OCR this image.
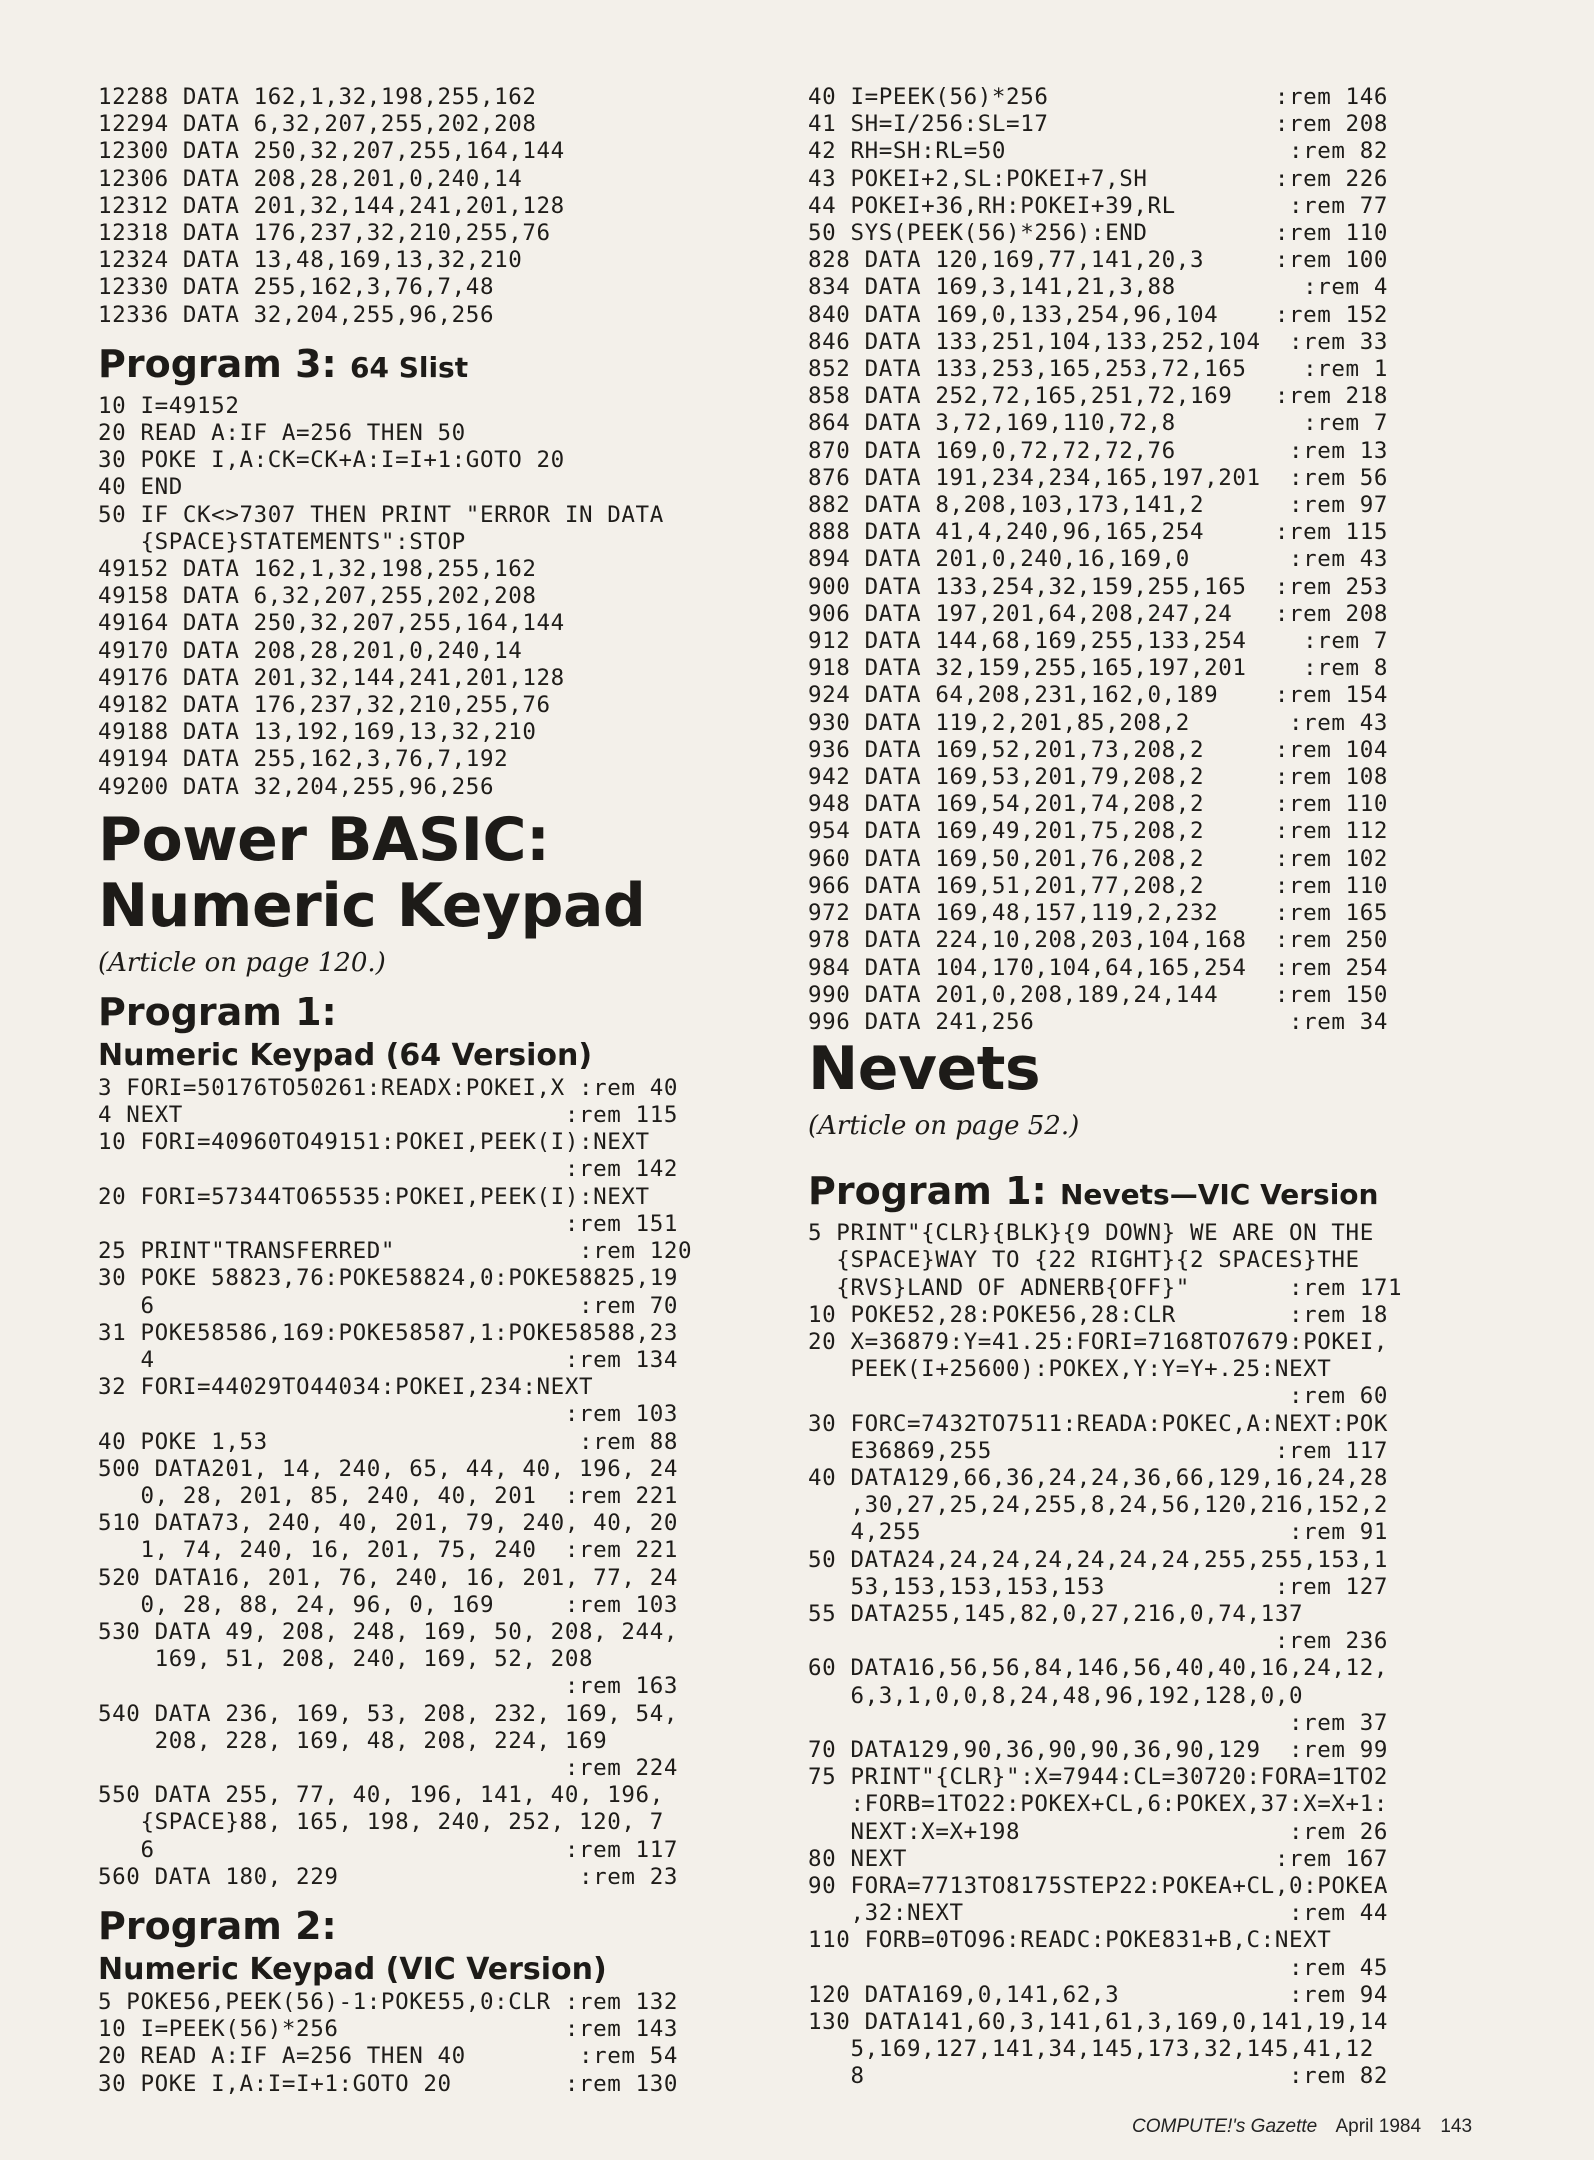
12288 DATA 162,1,32,198,255,162
12294 DATA 6,32,207,255,202,208
12300 DATA 250,32,207,255,164,144
12306 DATA 208,28,201,0,240,14
12312 DATA 201,32,144,241,201,128
12318 DATA 176,237,32,210,255,76
12324 DATA 13,48,169,13,32,210
12330 DATA 255,162,3,76,7,48
12336 DATA 32,204,255,96,256
Program 3: 64 Slist
10 I=49152
20 READ A:IF A=256 THEN 50
30 POKE I,A:CK=CK+A:I=I+1:GOTO 20
40 END
50 IF CK<>7307 THEN PRINT "ERROR IN DATA
{SPACE}STATEMENTS":STOP
49152 DATA 162,1,32,198,255,162
49158 DATA 6,32,207,255,202,208
49164 DATA 250,32,207,255,164,144
49170 DATA 208,28,201,0,240,14
49176 DATA 201,32,144,241,201,128
49182 DATA 176,237,32,210,255,76
49188 DATA 13,192,169,13,32,210
49194 DATA 255,162,3,76,7,192
49200 DATA 32,204,255,96,256
Power BASIC:
Numeric Keypad

(Article on page 120.)

Program 1:
Numeric Keypad (64 Version)
3 FORI=50176TO50261:READX:POKEI,X :rem 40
4 NEXT                           :rem 115
10 FORI=40960TO49151:POKEI,PEEK(I):NEXT
:rem 142
20 FORI=57344TO65535:POKEI,PEEK(I):NEXT
:rem 151
25 PRINT"TRANSFERRED"             :rem 120
30 POKE 58823,76:POKE58824,0:POKE58825,19
6                              :rem 70
31 POKE58586,169:POKE58587,1:POKE58588,23
4                             :rem 134
32 FORI=44029TO44034:POKEI,234:NEXT
:rem 103
40 POKE 1,53                      :rem 88
500 DATA201, 14, 240, 65, 44, 40, 196, 24
0, 28, 201, 85, 240, 40, 201  :rem 221
510 DATA73, 240, 40, 201, 79, 240, 40, 20
1, 74, 240, 16, 201, 75, 240  :rem 221
520 DATA16, 201, 76, 240, 16, 201, 77, 24
0, 28, 88, 24, 96, 0, 169     :rem 103
530 DATA 49, 208, 248, 169, 50, 208, 244,
169, 51, 208, 240, 169, 52, 208
:rem 163
540 DATA 236, 169, 53, 208, 232, 169, 54,
208, 228, 169, 48, 208, 224, 169
:rem 224
550 DATA 255, 77, 40, 196, 141, 40, 196,
{SPACE}88, 165, 198, 240, 252, 120, 7
6                             :rem 117
560 DATA 180, 229                 :rem 23
Program 2:
Numeric Keypad (VIC Version)
5 POKE56,PEEK(56)-1:POKE55,0:CLR :rem 132
10 I=PEEK(56)*256                :rem 143
20 READ A:IF A=256 THEN 40        :rem 54
30 POKE I,A:I=I+1:GOTO 20        :rem 130
40 I=PEEK(56)*256                :rem 146
41 SH=I/256:SL=17                :rem 208
42 RH=SH:RL=50                    :rem 82
43 POKEI+2,SL:POKEI+7,SH         :rem 226
44 POKEI+36,RH:POKEI+39,RL        :rem 77
50 SYS(PEEK(56)*256):END         :rem 110
828 DATA 120,169,77,141,20,3     :rem 100
834 DATA 169,3,141,21,3,88         :rem 4
840 DATA 169,0,133,254,96,104    :rem 152
846 DATA 133,251,104,133,252,104  :rem 33
852 DATA 133,253,165,253,72,165    :rem 1
858 DATA 252,72,165,251,72,169   :rem 218
864 DATA 3,72,169,110,72,8         :rem 7
870 DATA 169,0,72,72,72,76        :rem 13
876 DATA 191,234,234,165,197,201  :rem 56
882 DATA 8,208,103,173,141,2      :rem 97
888 DATA 41,4,240,96,165,254     :rem 115
894 DATA 201,0,240,16,169,0       :rem 43
900 DATA 133,254,32,159,255,165  :rem 253
906 DATA 197,201,64,208,247,24   :rem 208
912 DATA 144,68,169,255,133,254    :rem 7
918 DATA 32,159,255,165,197,201    :rem 8
924 DATA 64,208,231,162,0,189    :rem 154
930 DATA 119,2,201,85,208,2       :rem 43
936 DATA 169,52,201,73,208,2     :rem 104
942 DATA 169,53,201,79,208,2     :rem 108
948 DATA 169,54,201,74,208,2     :rem 110
954 DATA 169,49,201,75,208,2     :rem 112
960 DATA 169,50,201,76,208,2     :rem 102
966 DATA 169,51,201,77,208,2     :rem 110
972 DATA 169,48,157,119,2,232    :rem 165
978 DATA 224,10,208,203,104,168  :rem 250
984 DATA 104,170,104,64,165,254  :rem 254
990 DATA 201,0,208,189,24,144    :rem 150
996 DATA 241,256                  :rem 34
Nevets

(Article on page 52.)

Program 1: Nevets—VIC Version
5 PRINT"{CLR}{BLK}{9 DOWN} WE ARE ON THE
{SPACE}WAY TO {22 RIGHT}{2 SPACES}THE
{RVS}LAND OF ADNERB{OFF}"       :rem 171
10 POKE52,28:POKE56,28:CLR        :rem 18
20 X=36879:Y=41.25:FORI=7168TO7679:POKEI,
PEEK(I+25600):POKEX,Y:Y=Y+.25:NEXT
:rem 60
30 FORC=7432TO7511:READA:POKEC,A:NEXT:POK
E36869,255                    :rem 117
40 DATA129,66,36,24,24,36,66,129,16,24,28
,30,27,25,24,255,8,24,56,120,216,152,2
4,255                          :rem 91
50 DATA24,24,24,24,24,24,24,255,255,153,1
53,153,153,153,153            :rem 127
55 DATA255,145,82,0,27,216,0,74,137
:rem 236
60 DATA16,56,56,84,146,56,40,40,16,24,12,
6,3,1,0,0,8,24,48,96,192,128,0,0
:rem 37
70 DATA129,90,36,90,90,36,90,129  :rem 99
75 PRINT"{CLR}":X=7944:CL=30720:FORA=1TO2
:FORB=1TO22:POKEX+CL,6:POKEX,37:X=X+1:
NEXT:X=X+198                   :rem 26
80 NEXT                          :rem 167
90 FORA=7713TO8175STEP22:POKEA+CL,0:POKEA
,32:NEXT                       :rem 44
110 FORB=0TO96:READC:POKE831+B,C:NEXT
:rem 45
120 DATA169,0,141,62,3            :rem 94
130 DATA141,60,3,141,61,3,169,0,141,19,14
5,169,127,141,34,145,173,32,145,41,12
8                              :rem 82
COMPUTE!'s Gazette April 1984 143
